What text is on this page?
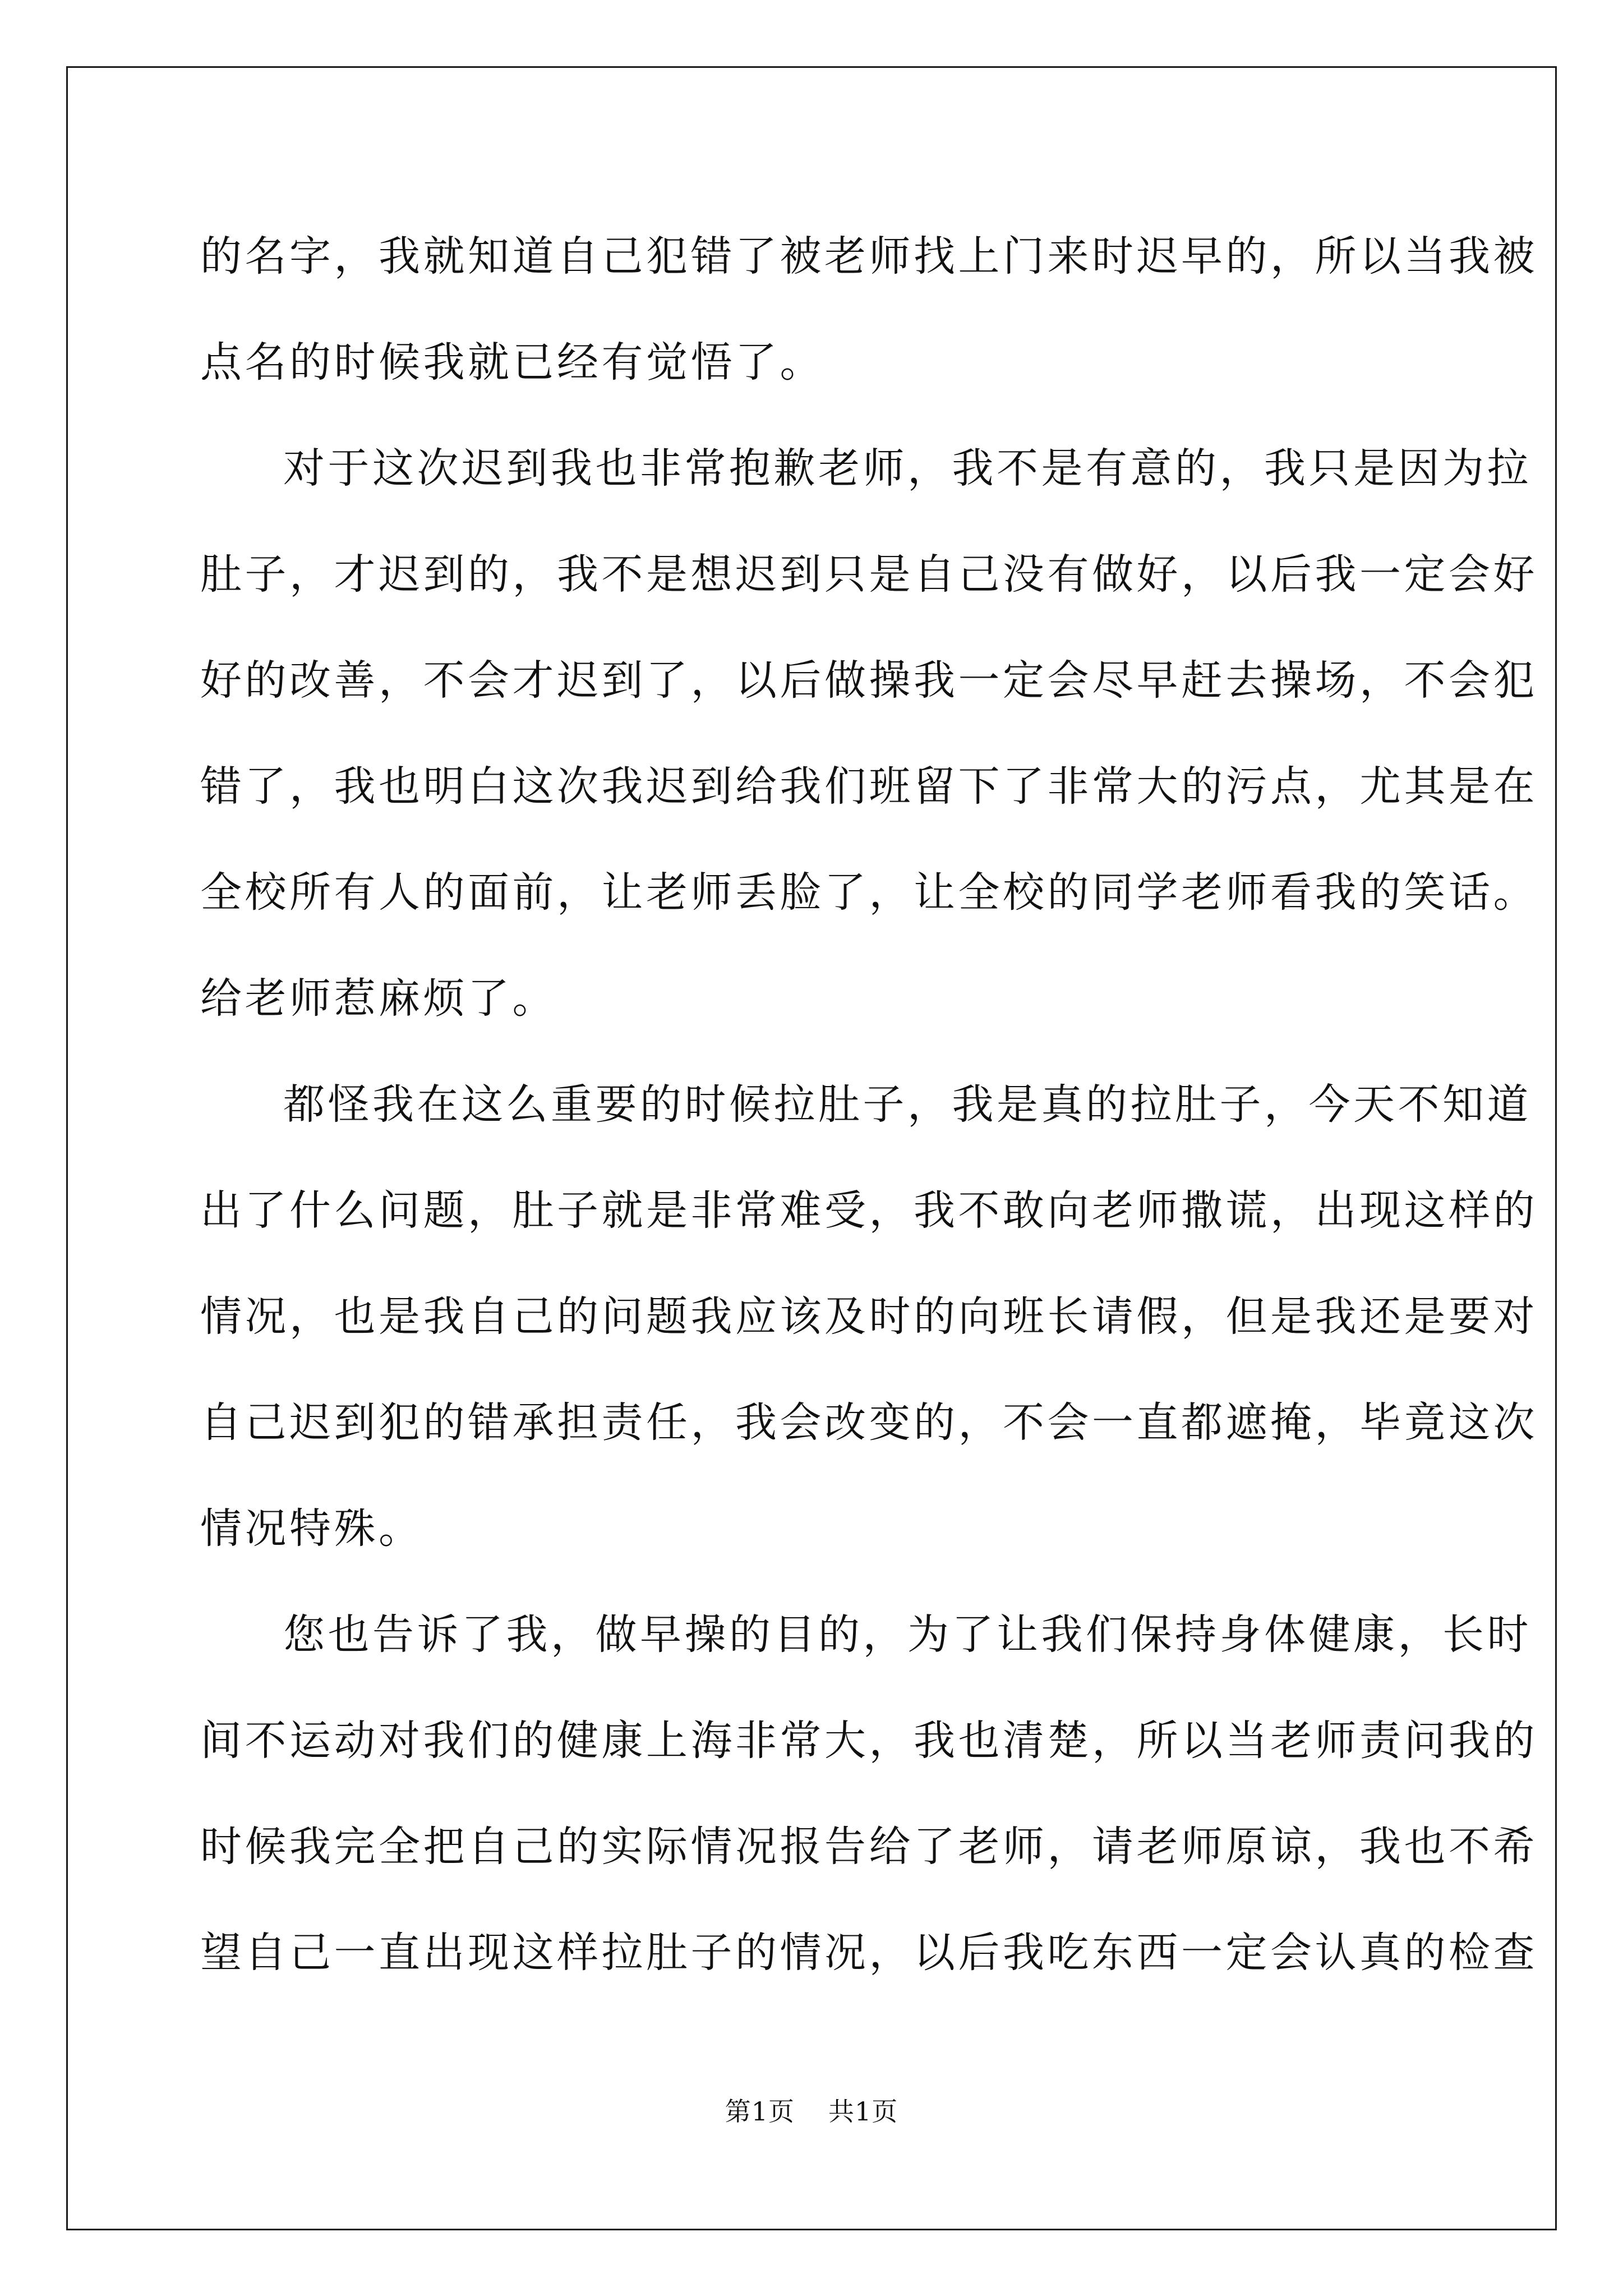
的名字，我就知道自己犯错了被老师找上门来时迟早的，所以当我被
点名的时候我就已经有觉悟了。
对于这次迟到我也非常抱歉老师，我不是有意的，我只是因为拉
肚子，才迟到的，我不是想迟到只是自己没有做好，以后我一定会好
好的改善，不会才迟到了，以后做操我一定会尽早赶去操场，不会犯
错了，我也明白这次我迟到给我们班留下了非常大的污点，尤其是在
全校所有人的面前，让老师丢脸了，让全校的同学老师看我的笑话。
给老师惹麻烦了。
都怪我在这么重要的时候拉肚子，我是真的拉肚子，今天不知道
出了什么问题，肚子就是非常难受，我不敢向老师撒谎，出现这样的
情况，也是我自己的问题我应该及时的向班长请假，但是我还是要对
自己迟到犯的错承担责任，我会改变的，不会一直都遮掩，毕竟这次
情况特殊。
您也告诉了我，做早操的目的，为了让我们保持身体健康，长时
间不运动对我们的健康上海非常大，我也清楚，所以当老师责问我的
时候我完全把自己的实际情况报告给了老师，请老师原谅，我也不希
望自己一直出现这样拉肚子的情况，以后我吃东西一定会认真的检查
第1页 共1页
